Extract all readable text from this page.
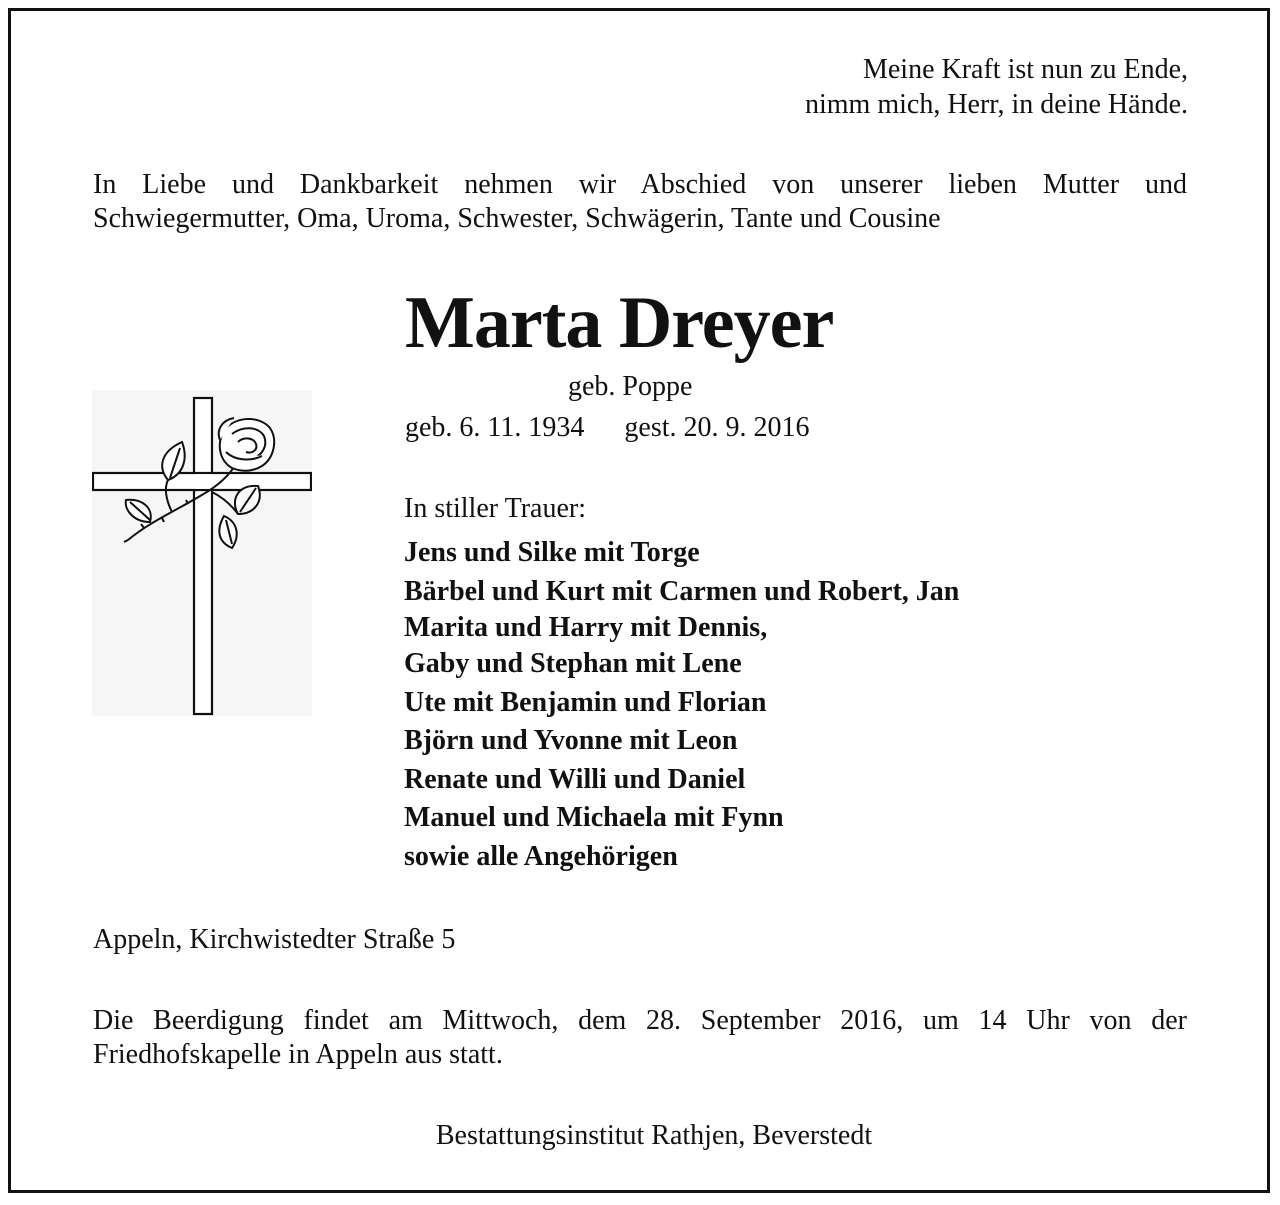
Meine Kraft ist nun zu Ende,
nimm mich, Herr, in deine Hände.
In Liebe und Dankbarkeit nehmen wir Abschied von unserer lieben Mutter und
Schwiegermutter, Oma, Uroma, Schwester, Schwägerin, Tante und Cousine
Marta Dreyer
geb. Poppe
geb. 6. 11. 1934 gest. 20. 9. 2016
In stiller Trauer:
Jens und Silke mit Torge
Bärbel und Kurt mit Carmen und Robert, Jan
Marita und Harry mit Dennis,
Gaby und Stephan mit Lene
Ute mit Benjamin und Florian
Björn und Yvonne mit Leon
Renate und Willi und Daniel
Manuel und Michaela mit Fynn
sowie alle Angehörigen
Appeln, Kirchwistedter Straße 5
Die Beerdigung findet am Mittwoch, dem 28. September 2016, um 14 Uhr von der
Friedhofskapelle in Appeln aus statt.
Bestattungsinstitut Rathjen, Beverstedt
